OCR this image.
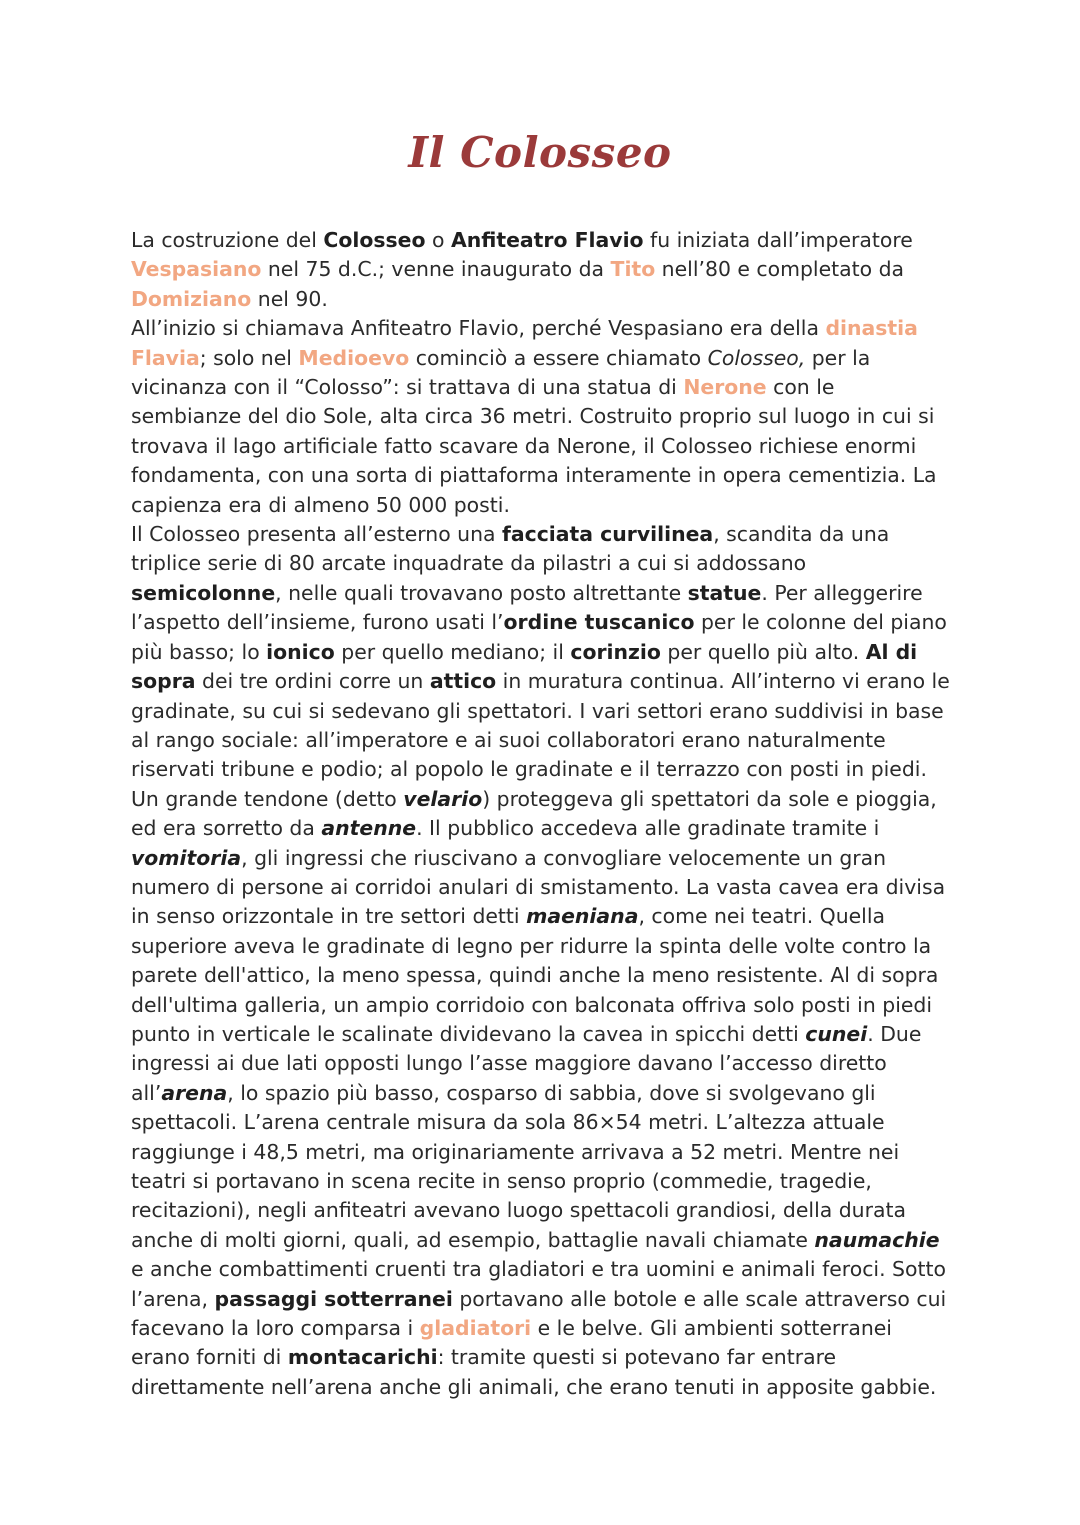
Il Colosseo

La costruzione del Colosseo o Anfiteatro Flavio fu iniziata dall’imperatore Vespasiano nel 75 d.C.; venne inaugurato da Tito nell’80 e completato da Domiziano nel 90.

All’inizio si chiamava Anfiteatro Flavio, perché Vespasiano era della dinastia Flavia; solo nel Medioevo cominciò a essere chiamato Colosseo, per la vicinanza con il “Colosso”: si trattava di una statua di Nerone con le sembianze del dio Sole, alta circa 36 metri. Costruito proprio sul luogo in cui si trovava il lago artificiale fatto scavare da Nerone, il Colosseo richiese enormi fondamenta, con una sorta di piattaforma interamente in opera cementizia. La capienza era di almeno 50 000 posti.

Il Colosseo presenta all’esterno una facciata curvilinea, scandita da una triplice serie di 80 arcate inquadrate da pilastri a cui si addossano semicolonne, nelle quali trovavano posto altrettante statue. Per alleggerire l’aspetto dell’insieme, furono usati l’ordine tuscanico per le colonne del piano più basso; lo ionico per quello mediano; il corinzio per quello più alto. Al di sopra dei tre ordini corre un attico in muratura continua. All’interno vi erano le gradinate, su cui si sedevano gli spettatori. I vari settori erano suddivisi in base al rango sociale: all’imperatore e ai suoi collaboratori erano naturalmente riservati tribune e podio; al popolo le gradinate e il terrazzo con posti in piedi. Un grande tendone (detto velario) proteggeva gli spettatori da sole e pioggia, ed era sorretto da antenne. Il pubblico accedeva alle gradinate tramite i vomitoria, gli ingressi che riuscivano a convogliare velocemente un gran numero di persone ai corridoi anulari di smistamento. La vasta cavea era divisa in senso orizzontale in tre settori detti maeniana, come nei teatri. Quella superiore aveva le gradinate di legno per ridurre la spinta delle volte contro la parete dell'attico, la meno spessa, quindi anche la meno resistente. Al di sopra dell'ultima galleria, un ampio corridoio con balconata offriva solo posti in piedi punto in verticale le scalinate dividevano la cavea in spicchi detti cunei. Due ingressi ai due lati opposti lungo l’asse maggiore davano l’accesso diretto all’arena, lo spazio più basso, cosparso di sabbia, dove si svolgevano gli spettacoli. L’arena centrale misura da sola 86×54 metri. L’altezza attuale raggiunge i 48,5 metri, ma originariamente arrivava a 52 metri. Mentre nei teatri si portavano in scena recite in senso proprio (commedie, tragedie, recitazioni), negli anfiteatri avevano luogo spettacoli grandiosi, della durata anche di molti giorni, quali, ad esempio, battaglie navali chiamate naumachie e anche combattimenti cruenti tra gladiatori e tra uomini e animali feroci. Sotto l’arena, passaggi sotterranei portavano alle botole e alle scale attraverso cui facevano la loro comparsa i gladiatori e le belve. Gli ambienti sotterranei erano forniti di montacarichi: tramite questi si potevano far entrare direttamente nell’arena anche gli animali, che erano tenuti in apposite gabbie.
